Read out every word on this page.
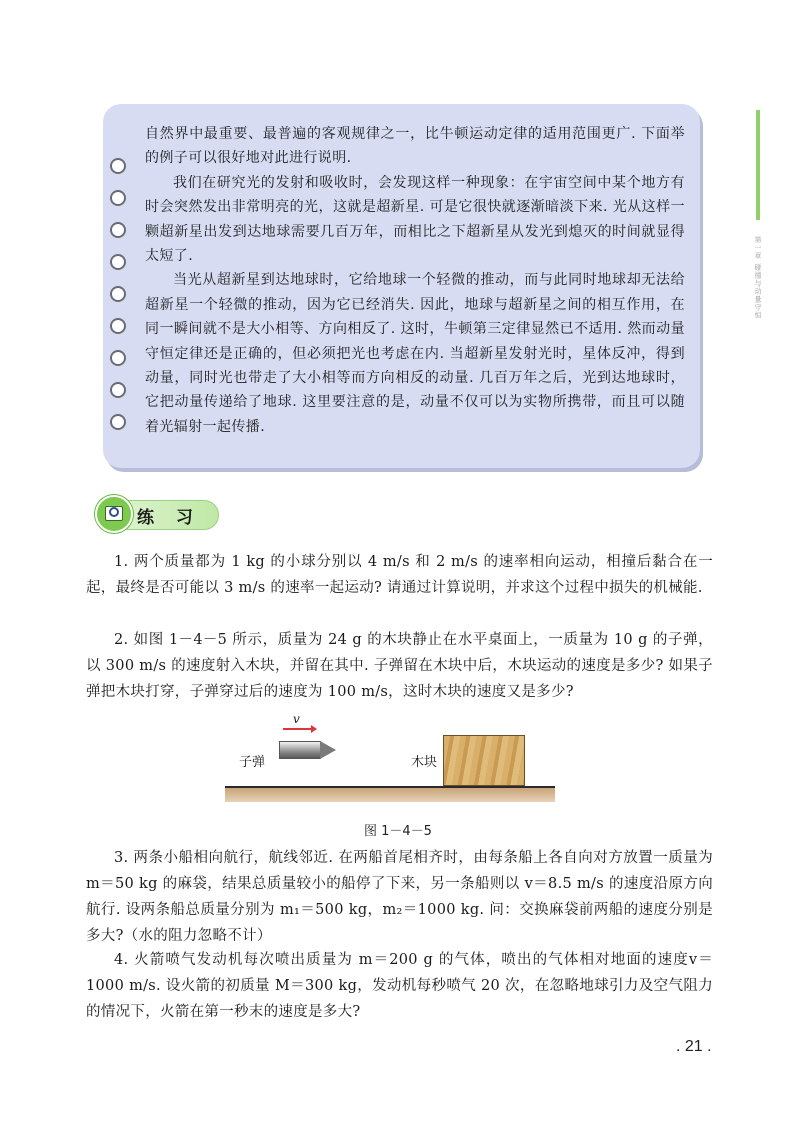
第一章 碰撞与动量守恒

自然界中最重要、最普遍的客观规律之一，比牛顿运动定律的适用范围更广. 下面举的例子可以很好地对此进行说明.

我们在研究光的发射和吸收时，会发现这样一种现象：在宇宙空间中某个地方有时会突然发出非常明亮的光，这就是超新星. 可是它很快就逐渐暗淡下来. 光从这样一颗超新星出发到达地球需要几百万年，而相比之下超新星从发光到熄灭的时间就显得太短了.

当光从超新星到达地球时，它给地球一个轻微的推动，而与此同时地球却无法给超新星一个轻微的推动，因为它已经消失. 因此，地球与超新星之间的相互作用，在同一瞬间就不是大小相等、方向相反了. 这时，牛顿第三定律显然已不适用. 然而动量守恒定律还是正确的，但必须把光也考虑在内. 当超新星发射光时，星体反冲，得到动量，同时光也带走了大小相等而方向相反的动量. 几百万年之后，光到达地球时，它把动量传递给了地球. 这里要注意的是，动量不仅可以为实物所携带，而且可以随着光辐射一起传播.

练 习

1. 两个质量都为 1 kg 的小球分别以 4 m/s 和 2 m/s 的速率相向运动，相撞后黏合在一起，最终是否可能以 3 m/s 的速率一起运动? 请通过计算说明，并求这个过程中损失的机械能.

2. 如图 1－4－5 所示，质量为 24 g 的木块静止在水平桌面上，一质量为 10 g 的子弹，以 300 m/s 的速度射入木块，并留在其中. 子弹留在木块中后，木块运动的速度是多少? 如果子弹把木块打穿，子弹穿过后的速度为 100 m/s，这时木块的速度又是多少?

v
子弹	木块
图 1－4－5

3. 两条小船相向航行，航线邻近. 在两船首尾相齐时，由每条船上各自向对方放置一质量为 m＝50 kg 的麻袋，结果总质量较小的船停了下来，另一条船则以 v＝8.5 m/s 的速度沿原方向航行. 设两条船总质量分别为 m₁＝500 kg，m₂＝1000 kg. 问：交换麻袋前两船的速度分别是多大?（水的阻力忽略不计）

4. 火箭喷气发动机每次喷出质量为 m＝200 g 的气体，喷出的气体相对地面的速度v＝1000 m/s. 设火箭的初质量 M＝300 kg，发动机每秒喷气 20 次，在忽略地球引力及空气阻力的情况下，火箭在第一秒末的速度是多大?

. 21 .
